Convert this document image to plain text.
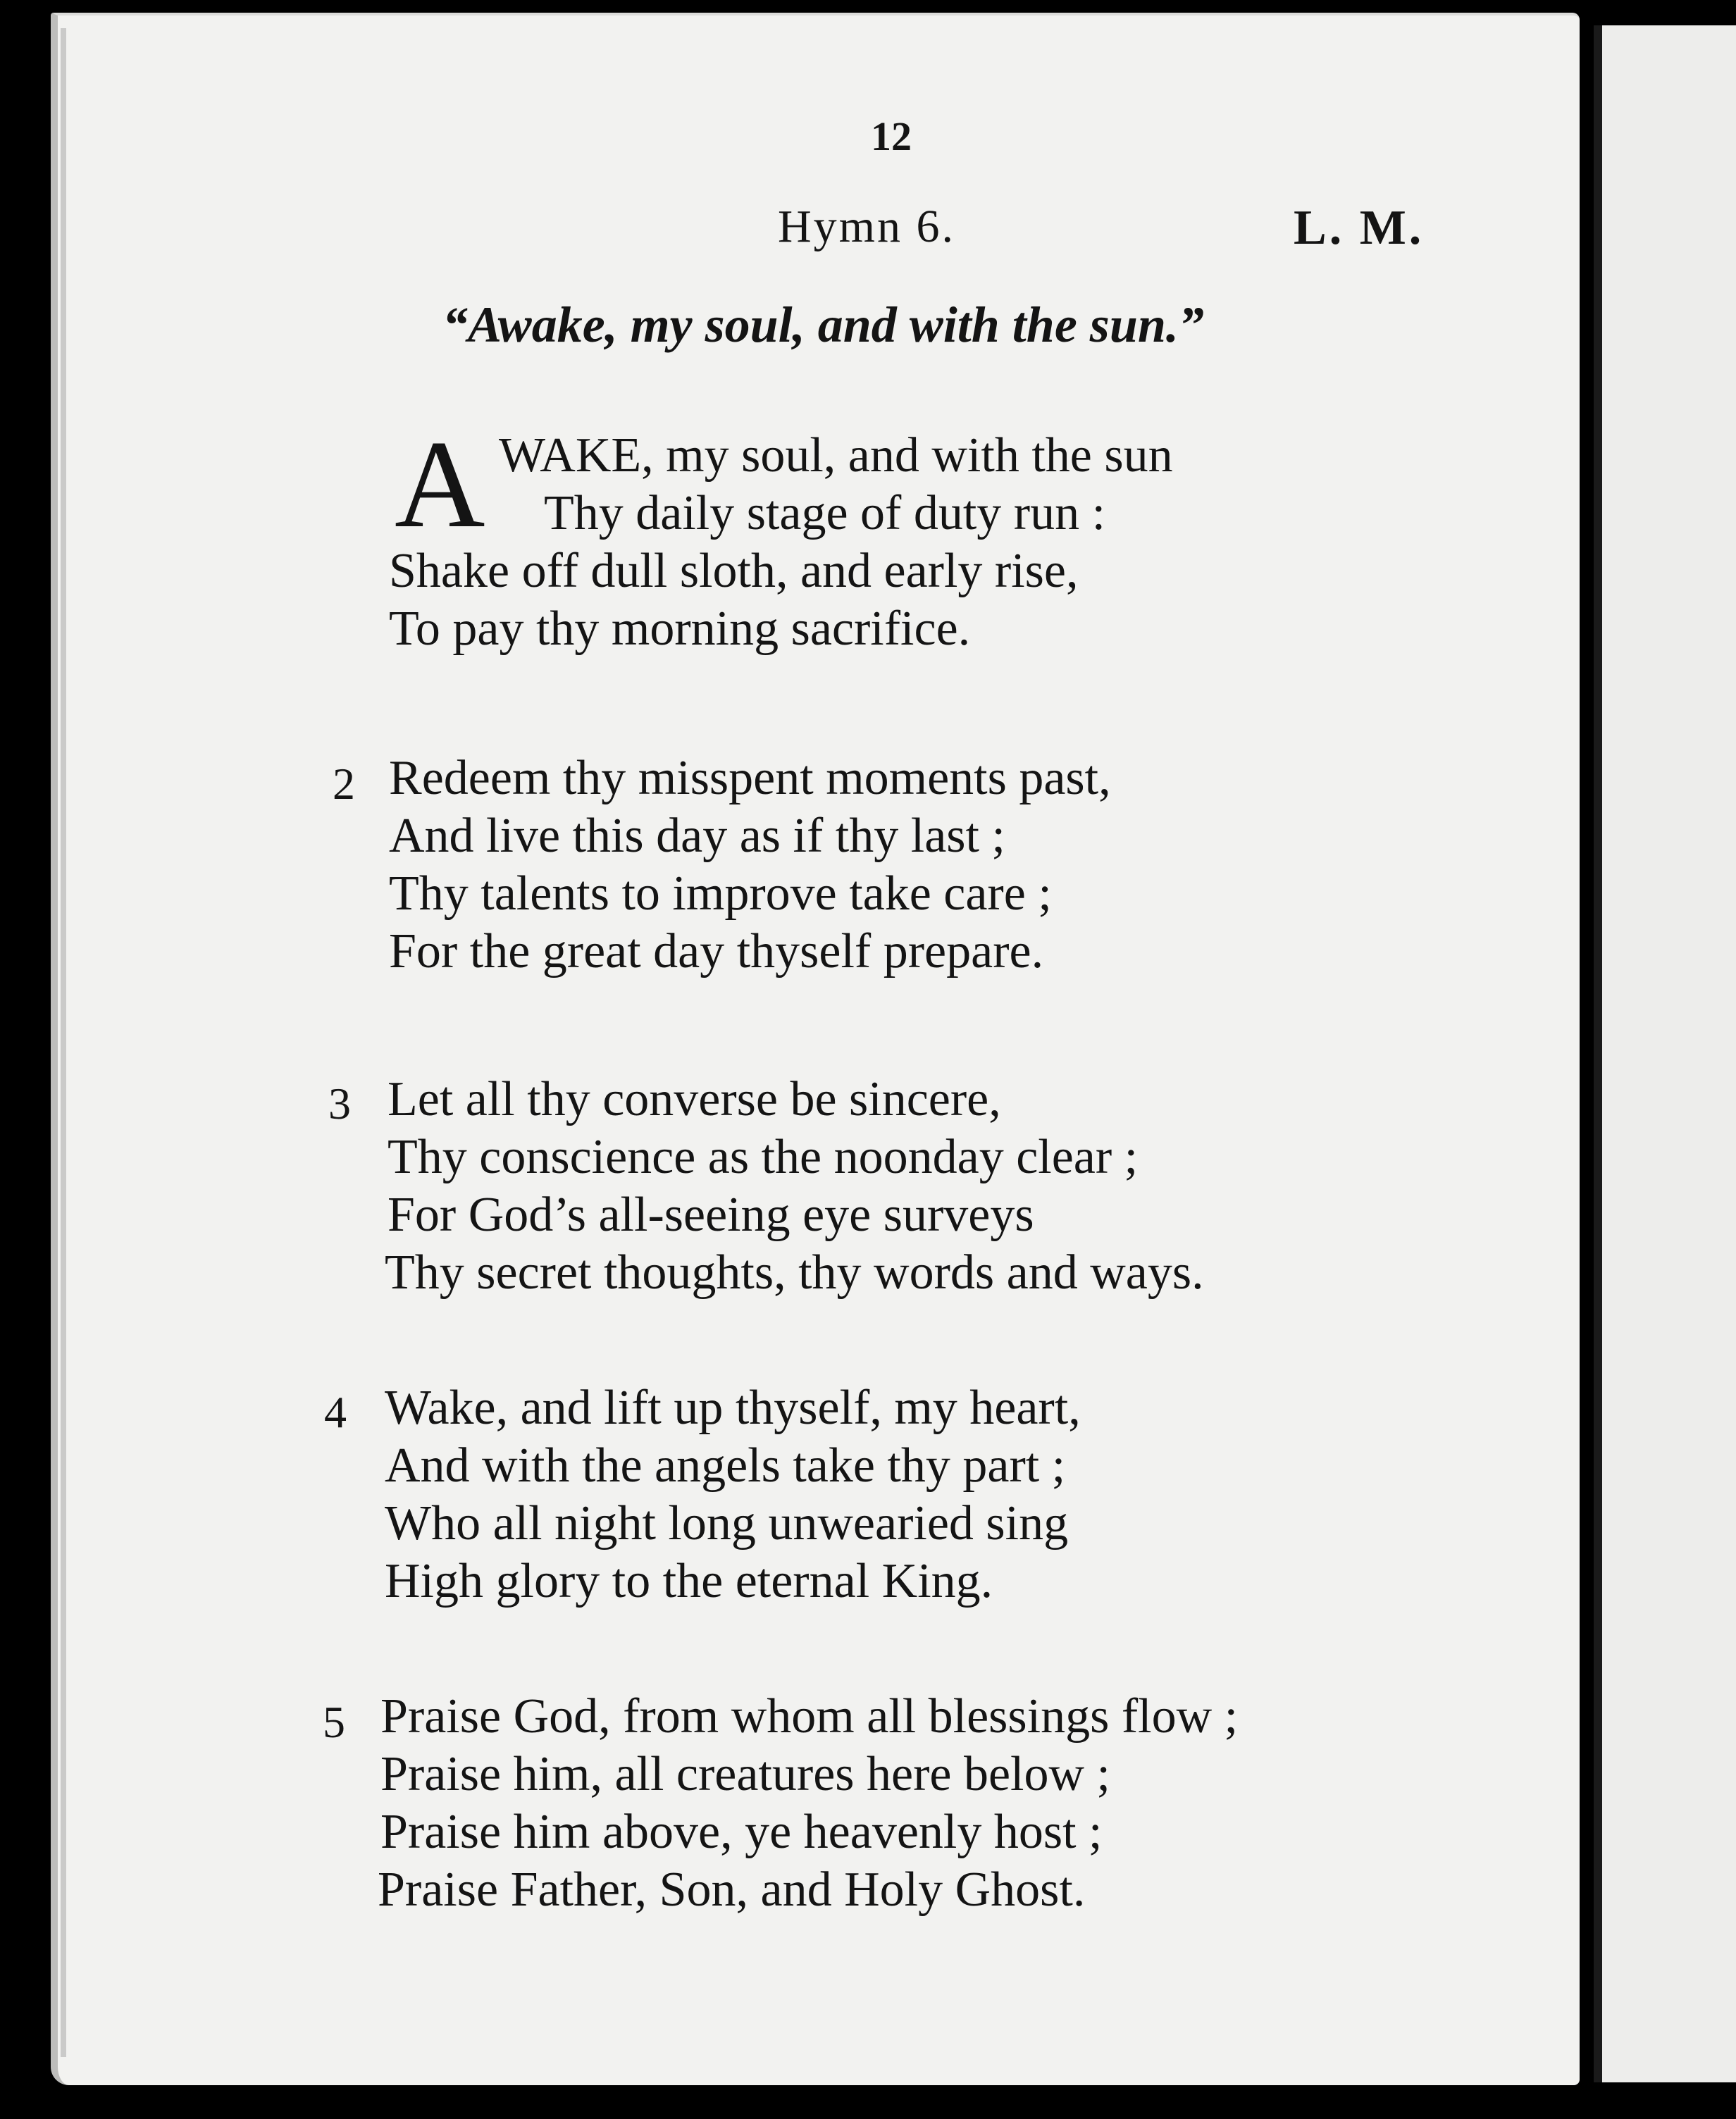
12
Hymn 6.	L. M.
“Awake, my soul, and with the sun.”
A WAKE, my soul, and with the sun
Thy daily stage of duty run :
Shake off dull sloth, and early rise,
To pay thy morning sacrifice.
2 Redeem thy misspent moments past,
And live this day as if thy last ;
Thy talents to improve take care ;
For the great day thyself prepare.
3 Let all thy converse be sincere,
Thy conscience as the noonday clear ;
For God’s all-seeing eye surveys
Thy secret thoughts, thy words and ways.
4 Wake, and lift up thyself, my heart,
And with the angels take thy part ;
Who all night long unwearied sing
High glory to the eternal King.
5 Praise God, from whom all blessings flow ;
Praise him, all creatures here below ;
Praise him above, ye heavenly host ;
Praise Father, Son, and Holy Ghost.
